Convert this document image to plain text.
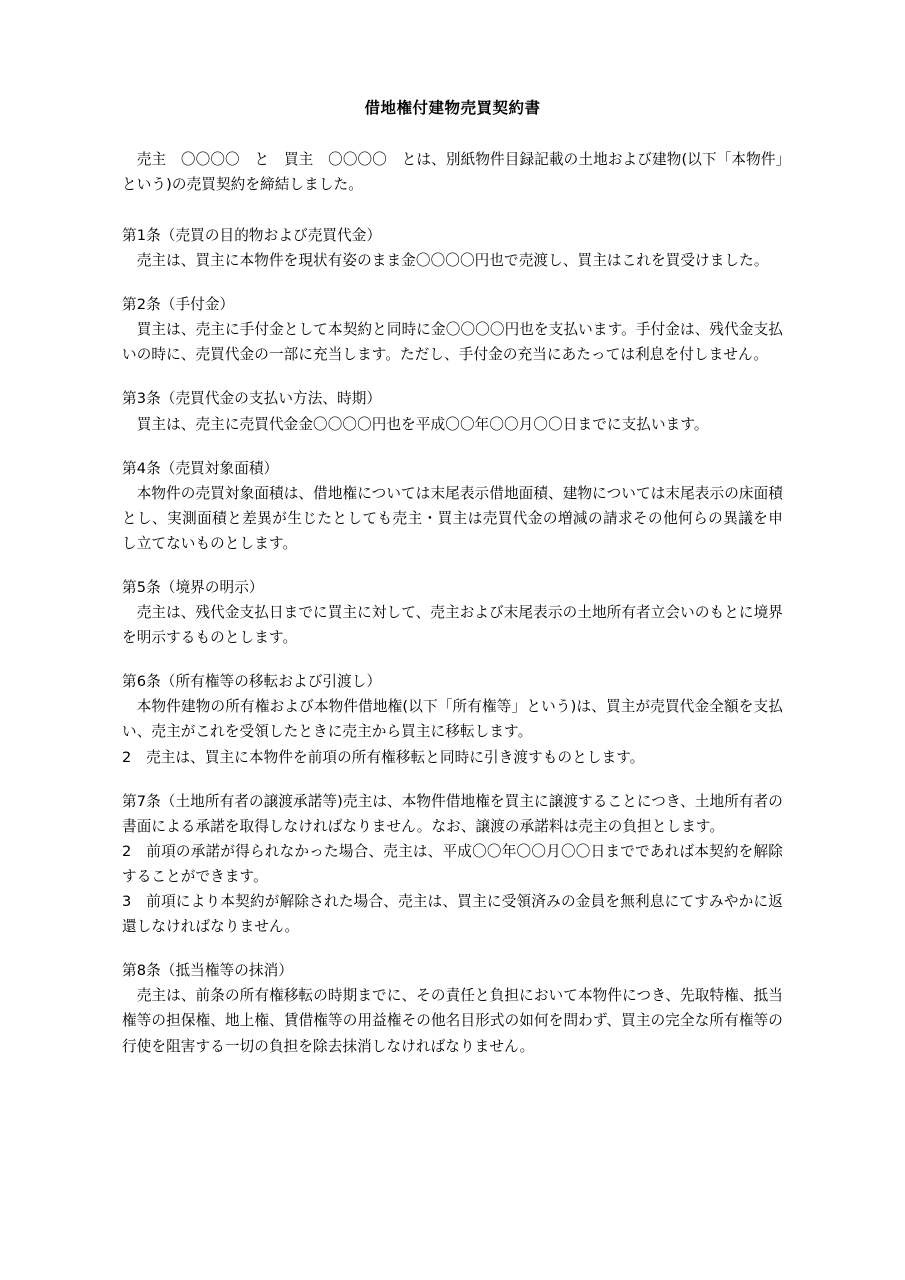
借地権付建物売買契約書

　売主　〇〇〇〇　と　買主　〇〇〇〇　とは、別紙物件目録記載の土地および建物(以下「本物件」という)の売買契約を締結しました。

第1条（売買の目的物および売買代金）

　売主は、買主に本物件を現状有姿のまま金〇〇〇〇円也で売渡し、買主はこれを買受けました。

第2条（手付金）

　買主は、売主に手付金として本契約と同時に金〇〇〇〇円也を支払います。手付金は、残代金支払いの時に、売買代金の一部に充当します。ただし、手付金の充当にあたっては利息を付しません。

第3条（売買代金の支払い方法、時期）

　買主は、売主に売買代金金〇〇〇〇円也を平成〇〇年〇〇月〇〇日までに支払います。

第4条（売買対象面積）

　本物件の売買対象面積は、借地権については末尾表示借地面積、建物については末尾表示の床面積とし、実測面積と差異が生じたとしても売主・買主は売買代金の増減の請求その他何らの異議を申し立てないものとします。

第5条（境界の明示）

　売主は、残代金支払日までに買主に対して、売主および末尾表示の土地所有者立会いのもとに境界を明示するものとします。

第6条（所有権等の移転および引渡し）

　本物件建物の所有権および本物件借地権(以下「所有権等」という)は、買主が売買代金全額を支払い、売主がこれを受領したときに売主から買主に移転します。

2　売主は、買主に本物件を前項の所有権移転と同時に引き渡すものとします。

第7条（土地所有者の譲渡承諾等)売主は、本物件借地権を買主に譲渡することにつき、土地所有者の書面による承諾を取得しなければなりません。なお、譲渡の承諾料は売主の負担とします。

2　前項の承諾が得られなかった場合、売主は、平成〇〇年〇〇月〇〇日までであれば本契約を解除することができます。

3　前項により本契約が解除された場合、売主は、買主に受領済みの金員を無利息にてすみやかに返還しなければなりません。

第8条（抵当権等の抹消）

　売主は、前条の所有権移転の時期までに、その責任と負担において本物件につき、先取特権、抵当権等の担保権、地上権、賃借権等の用益権その他名目形式の如何を問わず、買主の完全な所有権等の行使を阻害する一切の負担を除去抹消しなければなりません。
